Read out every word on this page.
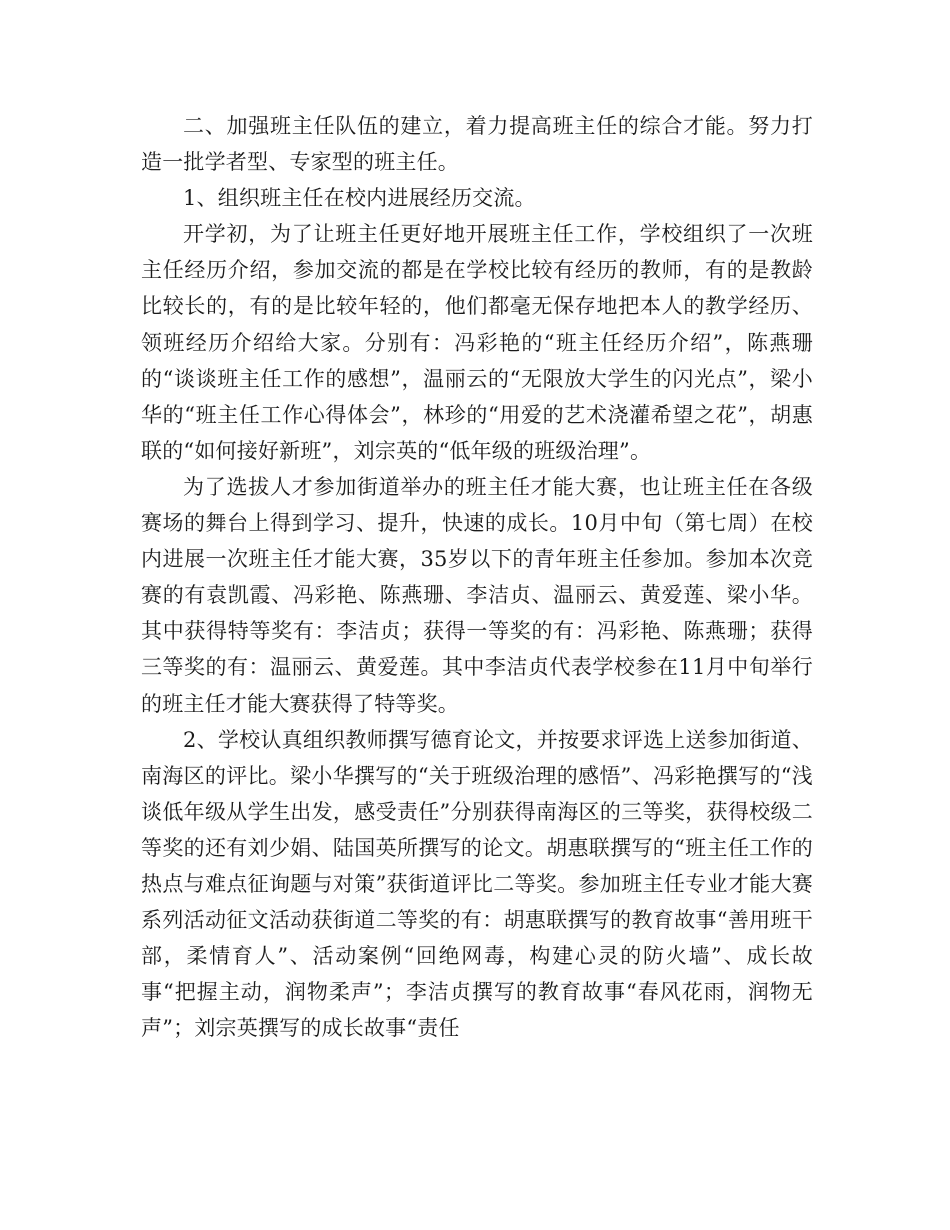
二、加强班主任队伍的建立，着力提高班主任的综合才能。努力打造一批学者型、专家型的班主任。

1、组织班主任在校内进展经历交流。

开学初，为了让班主任更好地开展班主任工作，学校组织了一次班主任经历介绍，参加交流的都是在学校比较有经历的教师，有的是教龄比较长的，有的是比较年轻的，他们都毫无保存地把本人的教学经历、领班经历介绍给大家。分别有：冯彩艳的“班主任经历介绍”，陈燕珊的“谈谈班主任工作的感想”，温丽云的“无限放大学生的闪光点”，梁小华的“班主任工作心得体会”，林珍的“用爱的艺术浇灌希望之花”，胡惠联的“如何接好新班”，刘宗英的“低年级的班级治理”。

为了选拔人才参加街道举办的班主任才能大赛，也让班主任在各级赛场的舞台上得到学习、提升，快速的成长。10月中旬（第七周）在校内进展一次班主任才能大赛，35岁以下的青年班主任参加。参加本次竞赛的有袁凯霞、冯彩艳、陈燕珊、李洁贞、温丽云、黄爱莲、梁小华。其中获得特等奖有：李洁贞；获得一等奖的有：冯彩艳、陈燕珊；获得三等奖的有：温丽云、黄爱莲。其中李洁贞代表学校参在11月中旬举行的班主任才能大赛获得了特等奖。

2、学校认真组织教师撰写德育论文，并按要求评选上送参加街道、南海区的评比。梁小华撰写的“关于班级治理的感悟”、冯彩艳撰写的“浅谈低年级从学生出发，感受责任”分别获得南海区的三等奖，获得校级二等奖的还有刘少娟、陆国英所撰写的论文。胡惠联撰写的“班主任工作的热点与难点征询题与对策”获街道评比二等奖。参加班主任专业才能大赛系列活动征文活动获街道二等奖的有：胡惠联撰写的教育故事“善用班干部，柔情育人”、活动案例“回绝网毒，构建心灵的防火墙”、成长故事“把握主动，润物柔声”；李洁贞撰写的教育故事“春风花雨，润物无声”；刘宗英撰写的成长故事“责任
